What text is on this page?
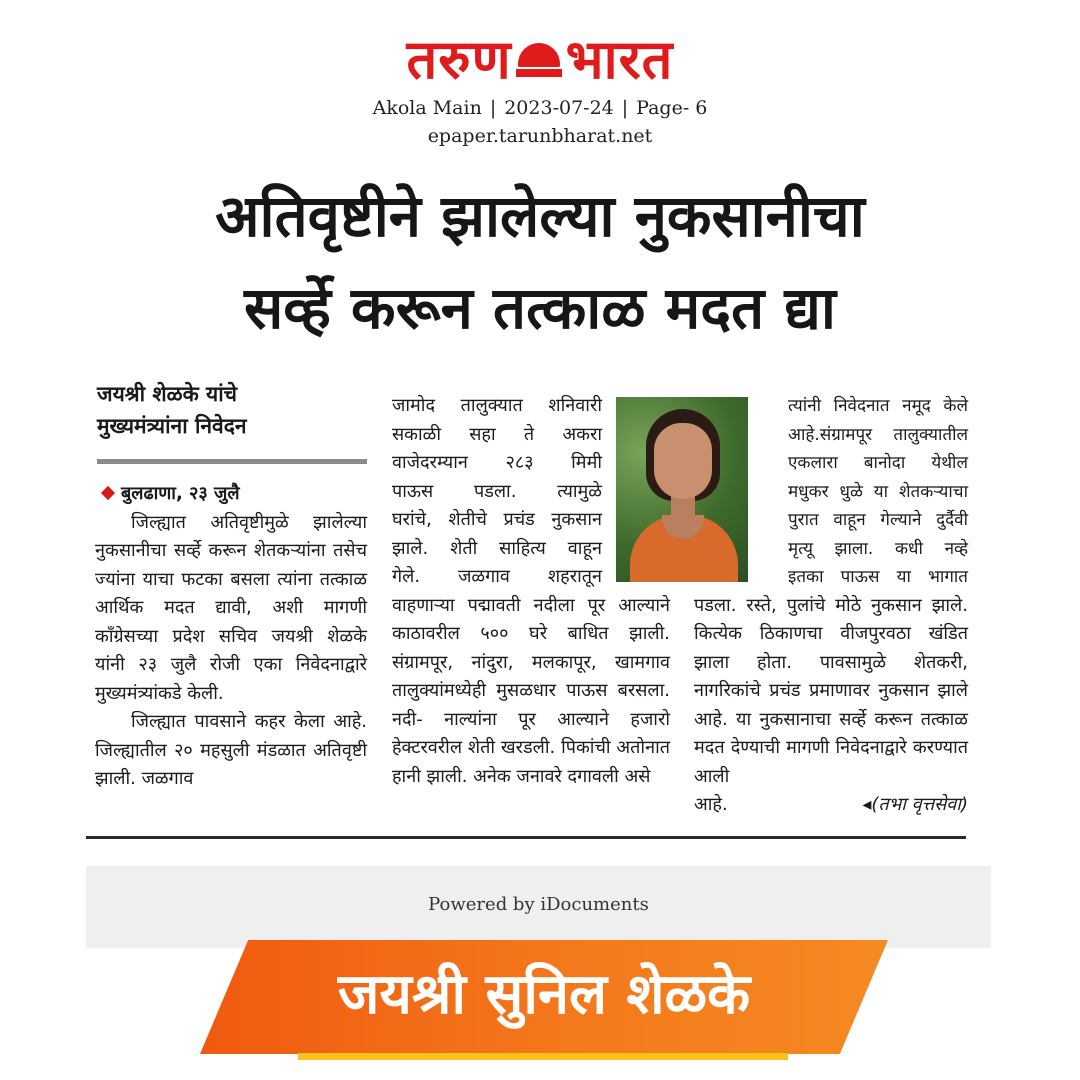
तरुण भारत
Akola Main | 2023-07-24 | Page- 6
epaper.tarunbharat.net
अतिवृष्टीने झालेल्या नुकसानीचा
सर्व्हे करून तत्काळ मदत द्या
जयश्री शेळके यांचे
मुख्यमंत्र्यांना निवेदन

बुलढाणा, २३ जुलै

जिल्ह्यात अतिवृष्टीमुळे झालेल्या नुकसानीचा सर्व्हे करून शेतकऱ्यांना तसेच ज्यांना याचा फटका बसला त्यांना तत्काळ आर्थिक मदत द्यावी, अशी मागणी काँग्रेसच्या प्रदेश सचिव जयश्री शेळके यांनी २३ जुलै रोजी एका निवेदनाद्वारे मुख्यमंत्र्यांकडे केली.

जिल्ह्यात पावसाने कहर केला आहे. जिल्ह्यातील २० महसुली मंडळात अतिवृष्टी झाली. जळगाव

जामोद तालुक्यात शनिवारी
सकाळी सहा ते अकरा
वाजेदरम्यान २८३ मिमी
पाऊस पडला. त्यामुळे
घरांचे, शेतीचे प्रचंड नुकसान
झाले. शेती साहित्य वाहून
गेले. जळगाव शहरातून

वाहणाऱ्या पद्मावती नदीला पूर आल्याने काठावरील ५०० घरे बाधित झाली. संग्रामपूर, नांदुरा, मलकापूर, खामगाव तालुक्यांमध्येही मुसळधार पाऊस बरसला. नदी- नाल्यांना पूर आल्याने हजारो हेक्टरवरील शेती खरडली. पिकांची अतोनात हानी झाली. अनेक जनावरे दगावली असे

त्यांनी निवेदनात नमूद केले
आहे.संग्रामपूर तालुक्यातील
एकलारा बानोदा येथील
मधुकर धुळे या शेतकऱ्याचा
पुरात वाहून गेल्याने दुर्दैवी
मृत्यू झाला. कधी नव्हे
इतका पाऊस या भागात

पडला. रस्ते, पुलांचे मोठे नुकसान झाले. कित्येक ठिकाणचा वीजपुरवठा खंडित झाला होता. पावसामुळे शेतकरी, नागरिकांचे प्रचंड प्रमाणावर नुकसान झाले आहे. या नुकसानाचा सर्व्हे करून तत्काळ मदत देण्याची मागणी निवेदनाद्वारे करण्यात आली

आहे.	◂(तभा वृत्तसेवा)
Powered by iDocuments
जयश्री सुनिल शेळके
